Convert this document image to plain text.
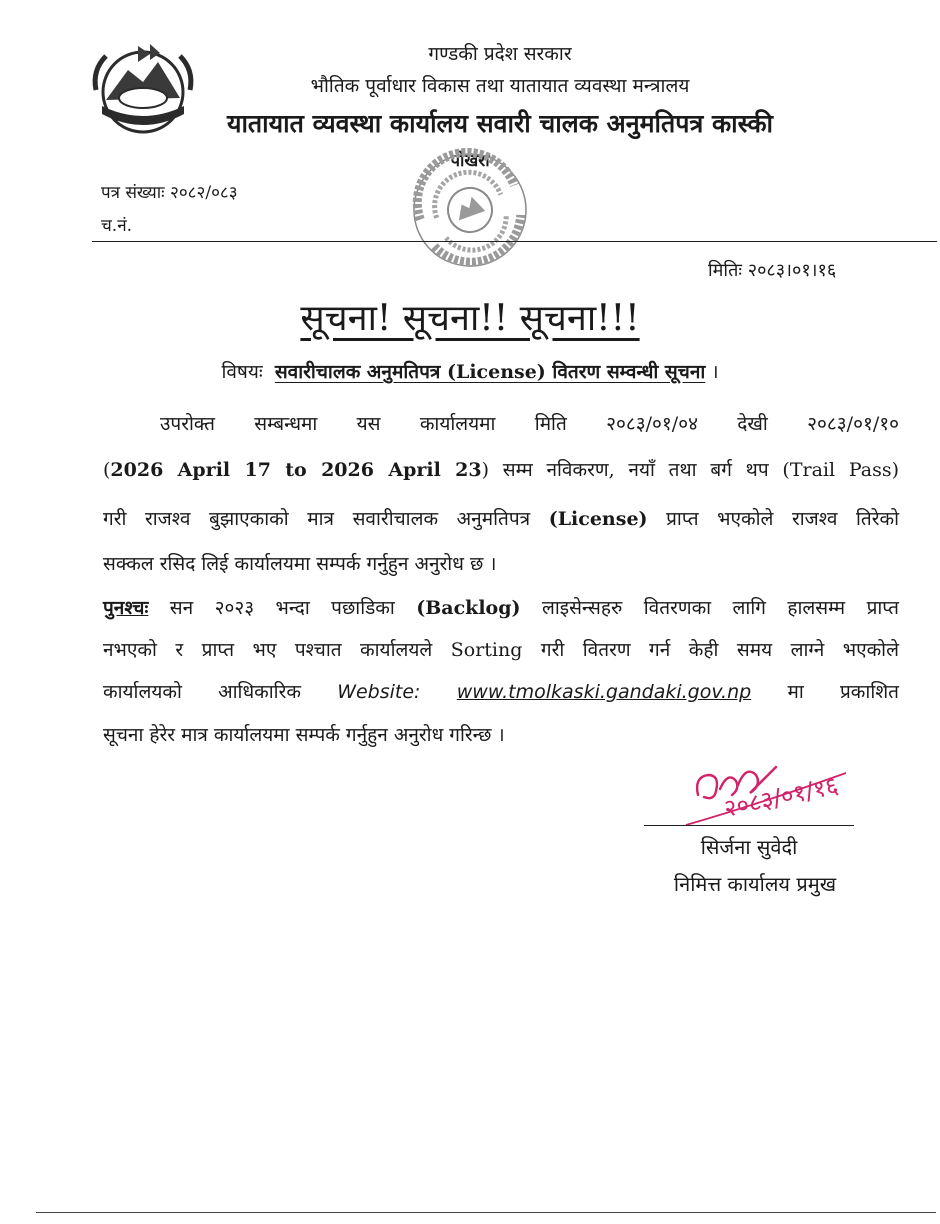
गण्डकी प्रदेश सरकार
भौतिक पूर्वाधार विकास तथा यातायात व्यवस्था मन्त्रालय
यातायात व्यवस्था कार्यालय सवारी चालक अनुमतिपत्र कास्की
पोखरा
पत्र संख्याः २०८२/०८३
च.नं.
मितिः २०८३।०१।१६
सूचना! सूचना!! सूचना!!!
विषयः सवारीचालक अनुमतिपत्र (License) वितरण सम्वन्धी सूचना ।
उपरोक्त सम्बन्धमा यस कार्यालयमा मिति २०८३/०१/०४ देखी २०८३/०१/१०
(2026 April 17 to 2026 April 23) सम्म नविकरण, नयाँ तथा बर्ग थप (Trail Pass)
गरी राजश्व बुझाएकाको मात्र सवारीचालक अनुमतिपत्र (License) प्राप्त भएकोले राजश्व तिरेको
सक्कल रसिद लिई कार्यालयमा सम्पर्क गर्नुहुन अनुरोध छ ।
पुनश्चः सन २०२३ भन्दा पछाडिका (Backlog) लाइसेन्सहरु वितरणका लागि हालसम्म प्राप्त
नभएको र प्राप्त भए पश्चात कार्यालयले Sorting गरी वितरण गर्न केही समय लाग्ने भएकोले
कार्यालयको आधिकारिक Website: www.tmolkaski.gandaki.gov.np मा प्रकाशित
सूचना हेरेर मात्र कार्यालयमा सम्पर्क गर्नुहुन अनुरोध गरिन्छ ।
२०८३/०१/१६
सिर्जना सुवेदी
निमित्त कार्यालय प्रमुख
